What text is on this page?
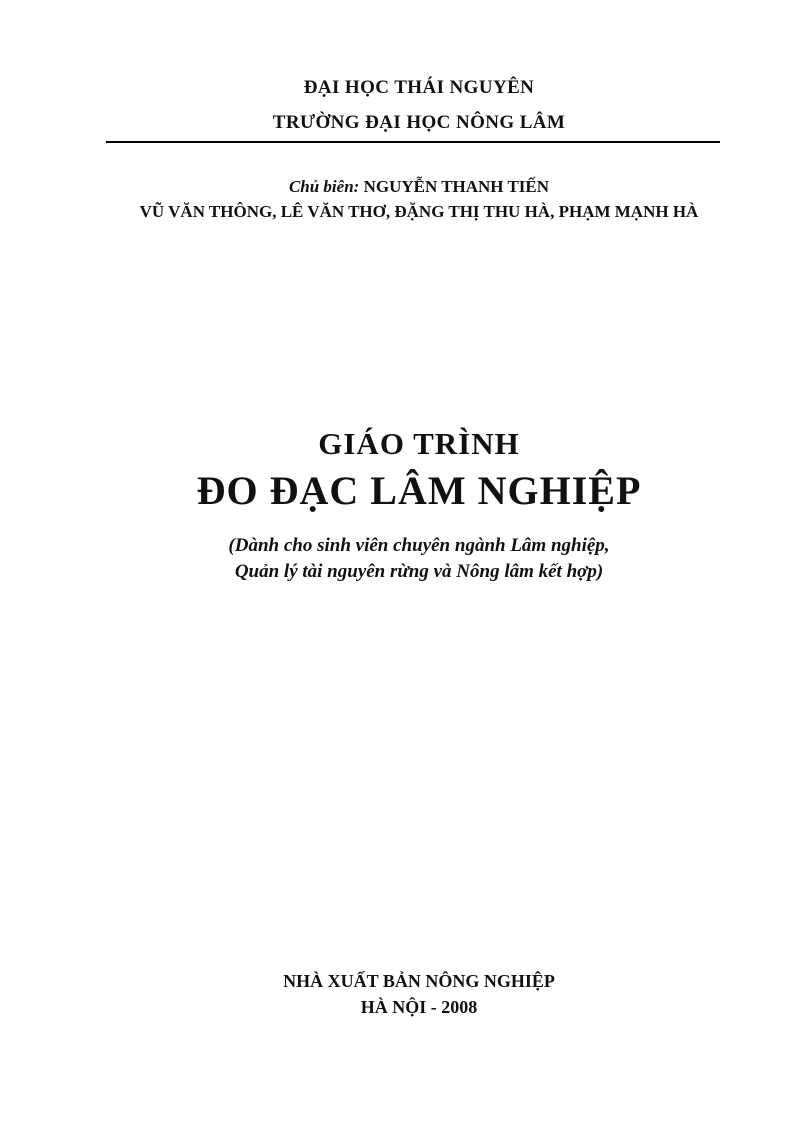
ĐẠI HỌC THÁI NGUYÊN
TRƯỜNG ĐẠI HỌC NÔNG LÂM
Chủ biên: NGUYỄN THANH TIẾN
VŨ VĂN THÔNG, LÊ VĂN THƠ, ĐẶNG THỊ THU HÀ, PHẠM MẠNH HÀ
GIÁO TRÌNH
ĐO ĐẠC LÂM NGHIỆP
(Dành cho sinh viên chuyên ngành Lâm nghiệp,
Quản lý tài nguyên rừng và Nông lâm kết hợp)
NHÀ XUẤT BẢN NÔNG NGHIỆP
HÀ NỘI - 2008
